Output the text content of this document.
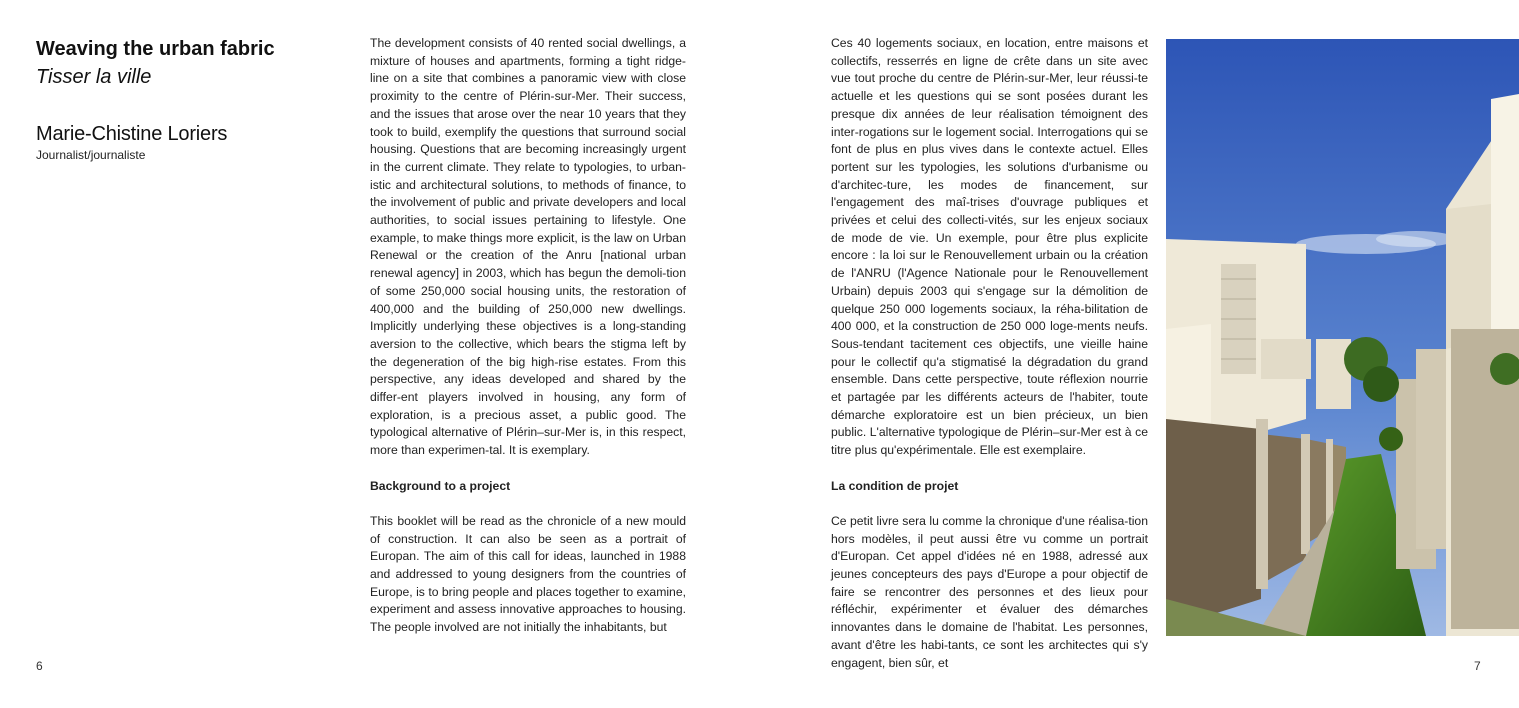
Weaving the urban fabric
Tisser la ville
Marie-Chistine Loriers
Journalist/journaliste

The development consists of 40 rented social dwellings, a mixture of houses and apartments, forming a tight ridge-line on a site that combines a panoramic view with close proximity to the centre of Plérin-sur-Mer. Their success, and the issues that arose over the near 10 years that they took to build, exemplify the questions that surround social housing. Questions that are becoming increasingly urgent in the current climate. They relate to typologies, to urban-istic and architectural solutions, to methods of finance, to the involvement of public and private developers and local authorities, to social issues pertaining to lifestyle. One example, to make things more explicit, is the law on Urban Renewal or the creation of the Anru [national urban renewal agency] in 2003, which has begun the demoli-tion of some 250,000 social housing units, the restoration of 400,000 and the building of 250,000 new dwellings. Implicitly underlying these objectives is a long-standing aversion to the collective, which bears the stigma left by the degeneration of the big high-rise estates. From this perspective, any ideas developed and shared by the differ-ent players involved in housing, any form of exploration, is a precious asset, a public good. The typological alternative of Plérin–sur-Mer is, in this respect, more than experimen-tal. It is exemplary.

Background to a project

This booklet will be read as the chronicle of a new mould of construction. It can also be seen as a portrait of Europan. The aim of this call for ideas, launched in 1988 and addressed to young designers from the countries of Europe, is to bring people and places together to examine, experiment and assess innovative approaches to housing. The people involved are not initially the inhabitants, but

6

Ces 40 logements sociaux, en location, entre maisons et collectifs, resserrés en ligne de crête dans un site avec vue tout proche du centre de Plérin-sur-Mer, leur réussi-te actuelle et les questions qui se sont posées durant les presque dix années de leur réalisation témoignent des inter-rogations sur le logement social. Interrogations qui se font de plus en plus vives dans le contexte actuel. Elles portent sur les typologies, les solutions d'urbanisme ou d'architec-ture, les modes de financement, sur l'engagement des maî-trises d'ouvrage publiques et privées et celui des collecti-vités, sur les enjeux sociaux de mode de vie. Un exemple, pour être plus explicite encore : la loi sur le Renouvellement urbain ou la création de l'ANRU (l'Agence Nationale pour le Renouvellement Urbain) depuis 2003 qui s'engage sur la démolition de quelque 250 000 logements sociaux, la réha-bilitation de 400 000, et la construction de 250 000 loge-ments neufs. Sous-tendant tacitement ces objectifs, une vieille haine pour le collectif qu'a stigmatisé la dégradation du grand ensemble. Dans cette perspective, toute réflexion nourrie et partagée par les différents acteurs de l'habiter, toute démarche exploratoire est un bien précieux, un bien public. L'alternative typologique de Plérin–sur-Mer est à ce titre plus qu'expérimentale. Elle est exemplaire.

La condition de projet

Ce petit livre sera lu comme la chronique d'une réalisa-tion hors modèles, il peut aussi être vu comme un portrait d'Europan. Cet appel d'idées né en 1988, adressé aux jeunes concepteurs des pays d'Europe a pour objectif de faire se rencontrer des personnes et des lieux pour réfléchir, expérimenter et évaluer des démarches innovantes dans le domaine de l'habitat. Les personnes, avant d'être les habi-tants, ce sont les architectes qui s'y engagent, bien sûr, et	7
